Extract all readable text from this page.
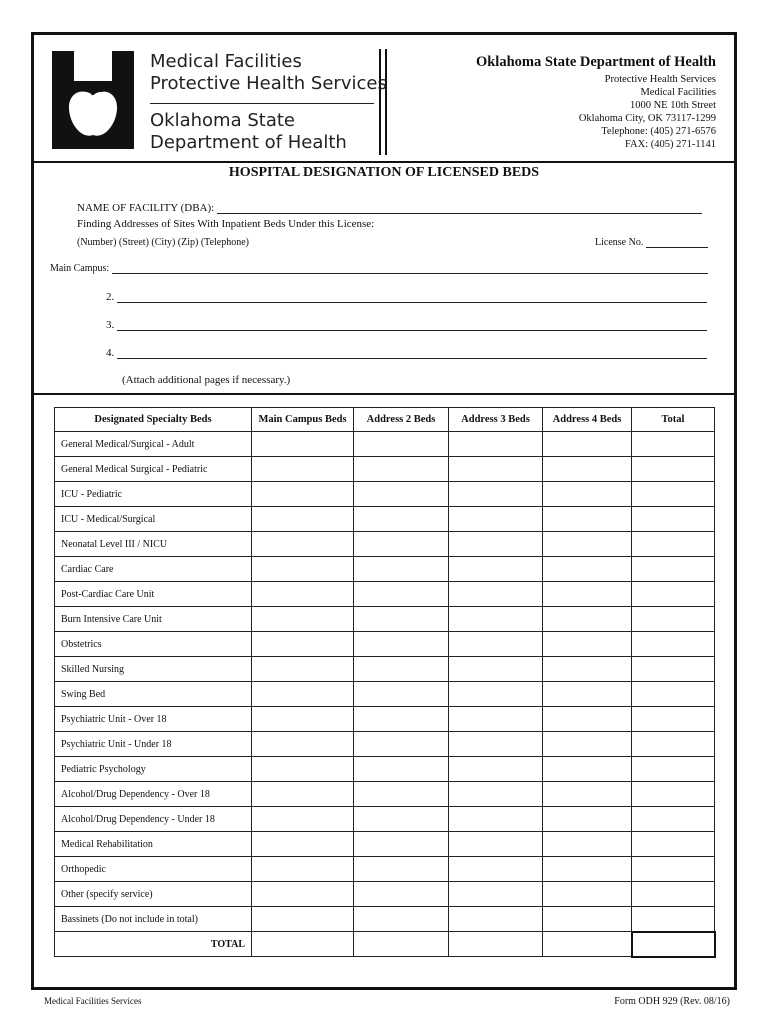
Medical Facilities
Protective Health Services
Oklahoma State
Department of Health
Oklahoma State Department of Health
Protective Health Services
Medical Facilities
1000 NE 10th Street
Oklahoma City, OK 73117-1299
Telephone: (405) 271-6576
FAX: (405) 271-1141
HOSPITAL DESIGNATION OF LICENSED BEDS
NAME OF FACILITY (DBA):
Finding Addresses of Sites With Inpatient Beds Under this License:
(Number) (Street) (City) (Zip) (Telephone)	License No.
Main Campus:
2.
3.
4.
(Attach additional pages if necessary.)
Designated Specialty Beds	Main Campus Beds	Address 2 Beds	Address 3 Beds	Address 4 Beds	Total
General Medical/Surgical - Adult					
General Medical Surgical - Pediatric					
ICU - Pediatric					
ICU - Medical/Surgical					
Neonatal Level III / NICU					
Cardiac Care					
Post-Cardiac Care Unit					
Burn Intensive Care Unit					
Obstetrics					
Skilled Nursing					
Swing Bed					
Psychiatric Unit - Over 18					
Psychiatric Unit - Under 18					
Pediatric Psychology					
Alcohol/Drug Dependency - Over 18					
Alcohol/Drug Dependency - Under 18					
Medical Rehabilitation					
Orthopedic					
Other (specify service)					
Bassinets (Do not include in total)					
TOTAL					
Medical Facilities Services	Form ODH 929 (Rev. 08/16)
